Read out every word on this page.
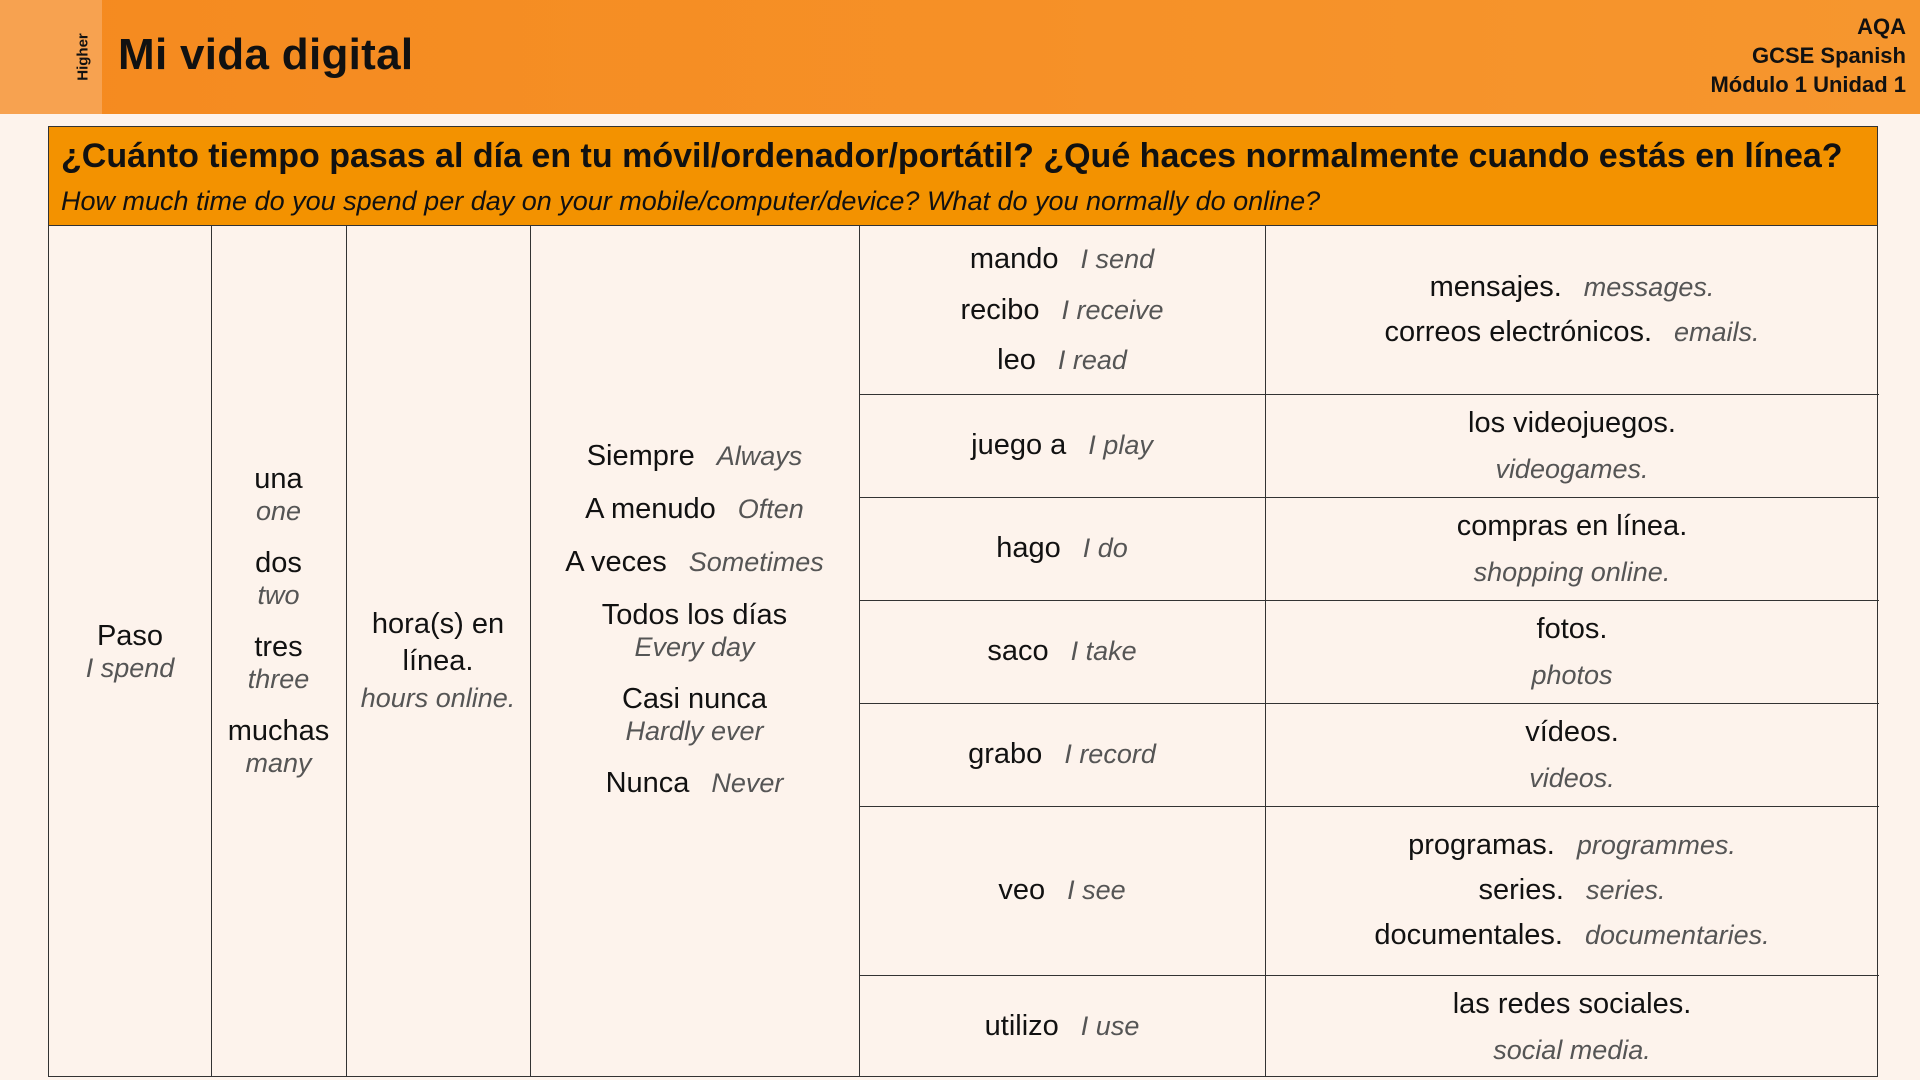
Higher Mi vida digital
AQA
GCSE Spanish
Módulo 1 Unidad 1
¿Cuánto tiempo pasas al día en tu móvil/ordenador/portátil? ¿Qué haces normalmente cuando estás en línea? How much time do you spend per day on your mobile/computer/device? What do you normally do online?
Paso
I spend
una
one
dos
two
tres
three
muchas
many
hora(s) en
línea.
hours online.
Siempre Always
A menudo Often
A veces Sometimes
Todos los días
Every day
Casi nunca
Hardly ever
Nunca Never
mando I send
recibo I receive
leo I read
mensajes. messages.
correos electrónicos. emails.
juego a I play
los videojuegos.
videogames.
hago I do
compras en línea.
shopping online.
saco I take
fotos.
photos
grabo I record
vídeos.
videos.
veo I see
programas. programmes.
series. series.
documentales. documentaries.
utilizo I use
las redes sociales.
social media.
